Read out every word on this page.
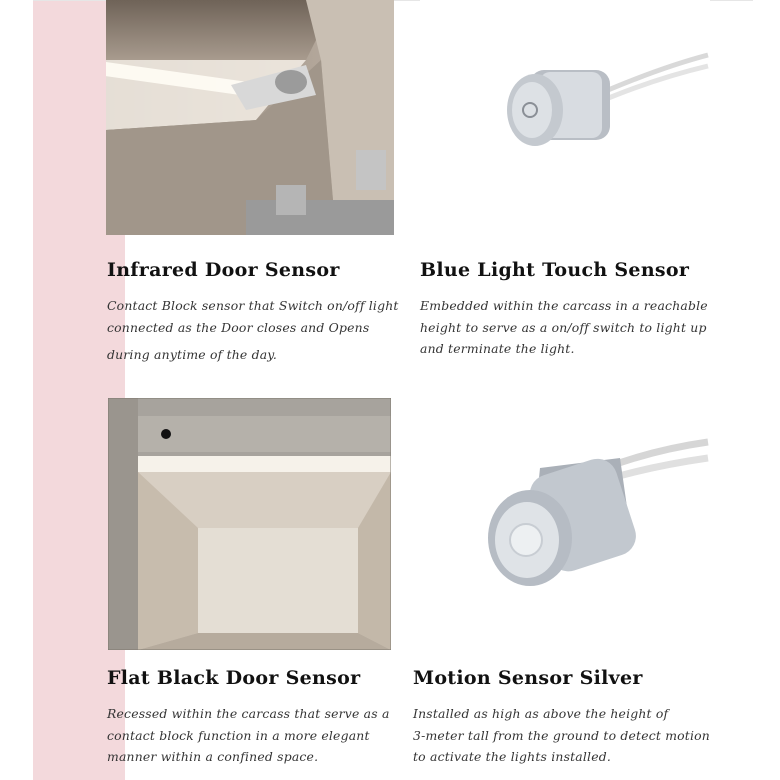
Infrared Door Sensor
Contact Block sensor that Switch on/off light
connected as the Door closes and Opens
during anytime of the day.
Blue Light Touch Sensor
Embedded within the carcass in a reachable
height to serve as a on/off switch to light up
and terminate the light.
Flat Black Door Sensor
Recessed within the carcass that serve as a
contact block function in a more elegant
manner within a confined space.
Motion Sensor Silver
Installed as high as above the height of
3-meter tall from the ground to detect motion
to activate the lights installed.
